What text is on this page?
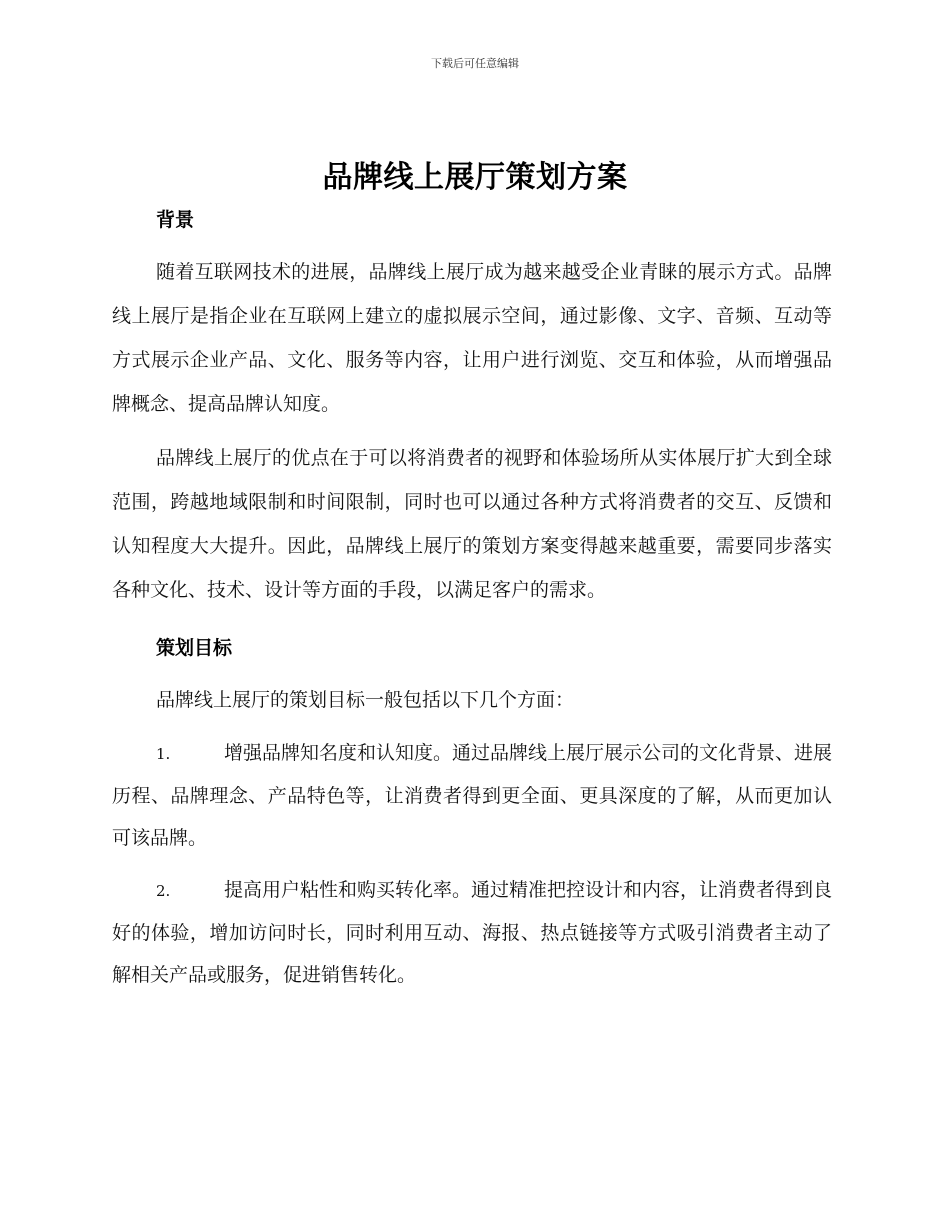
下载后可任意编辑
品牌线上展厅策划方案
背景

随着互联网技术的进展，品牌线上展厅成为越来越受企业青睐的展示方式。品牌线上展厅是指企业在互联网上建立的虚拟展示空间，通过影像、文字、音频、互动等方式展示企业产品、文化、服务等内容，让用户进行浏览、交互和体验，从而增强品牌概念、提高品牌认知度。

品牌线上展厅的优点在于可以将消费者的视野和体验场所从实体展厅扩大到全球范围，跨越地域限制和时间限制，同时也可以通过各种方式将消费者的交互、反馈和认知程度大大提升。因此，品牌线上展厅的策划方案变得越来越重要，需要同步落实各种文化、技术、设计等方面的手段，以满足客户的需求。

策划目标

品牌线上展厅的策划目标一般包括以下几个方面：

1.	增强品牌知名度和认知度。通过品牌线上展厅展示公司的文化背景、进展历程、品牌理念、产品特色等，让消费者得到更全面、更具深度的了解，从而更加认可该品牌。

2.	提高用户粘性和购买转化率。通过精准把控设计和内容，让消费者得到良好的体验，增加访问时长，同时利用互动、海报、热点链接等方式吸引消费者主动了解相关产品或服务，促进销售转化。
